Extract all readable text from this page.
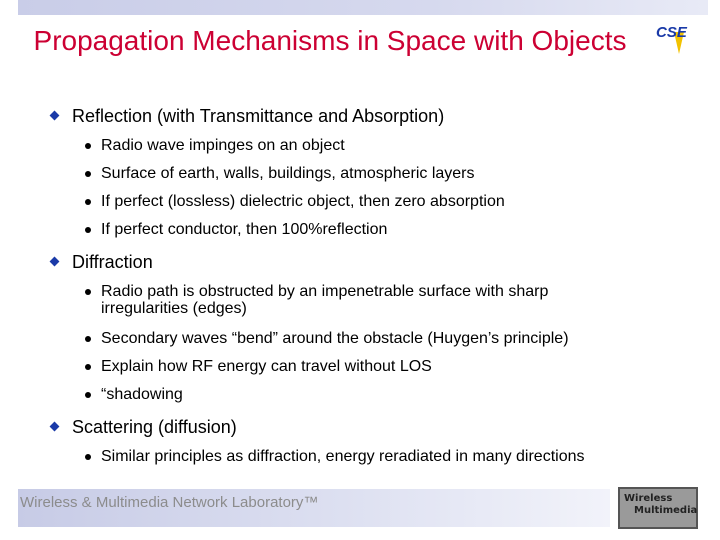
Propagation Mechanisms in Space with Objects CSE
Reflection (with Transmittance and Absorption)
Radio wave impinges on an object
Surface of earth, walls, buildings, atmospheric layers
If perfect (lossless) dielectric object, then zero absorption
If perfect conductor, then 100%reflection
Diffraction
Radio path is obstructed by an impenetrable surface with sharp irregularities (edges)
Secondary waves “bend” around the obstacle (Huygen’s principle)
Explain how RF energy can travel without LOS
“shadowing
Scattering (diffusion)
Similar principles as diffraction, energy reradiated in many directions
Wireless & Multimedia Network Laboratory™	Wireless
Multimedia
